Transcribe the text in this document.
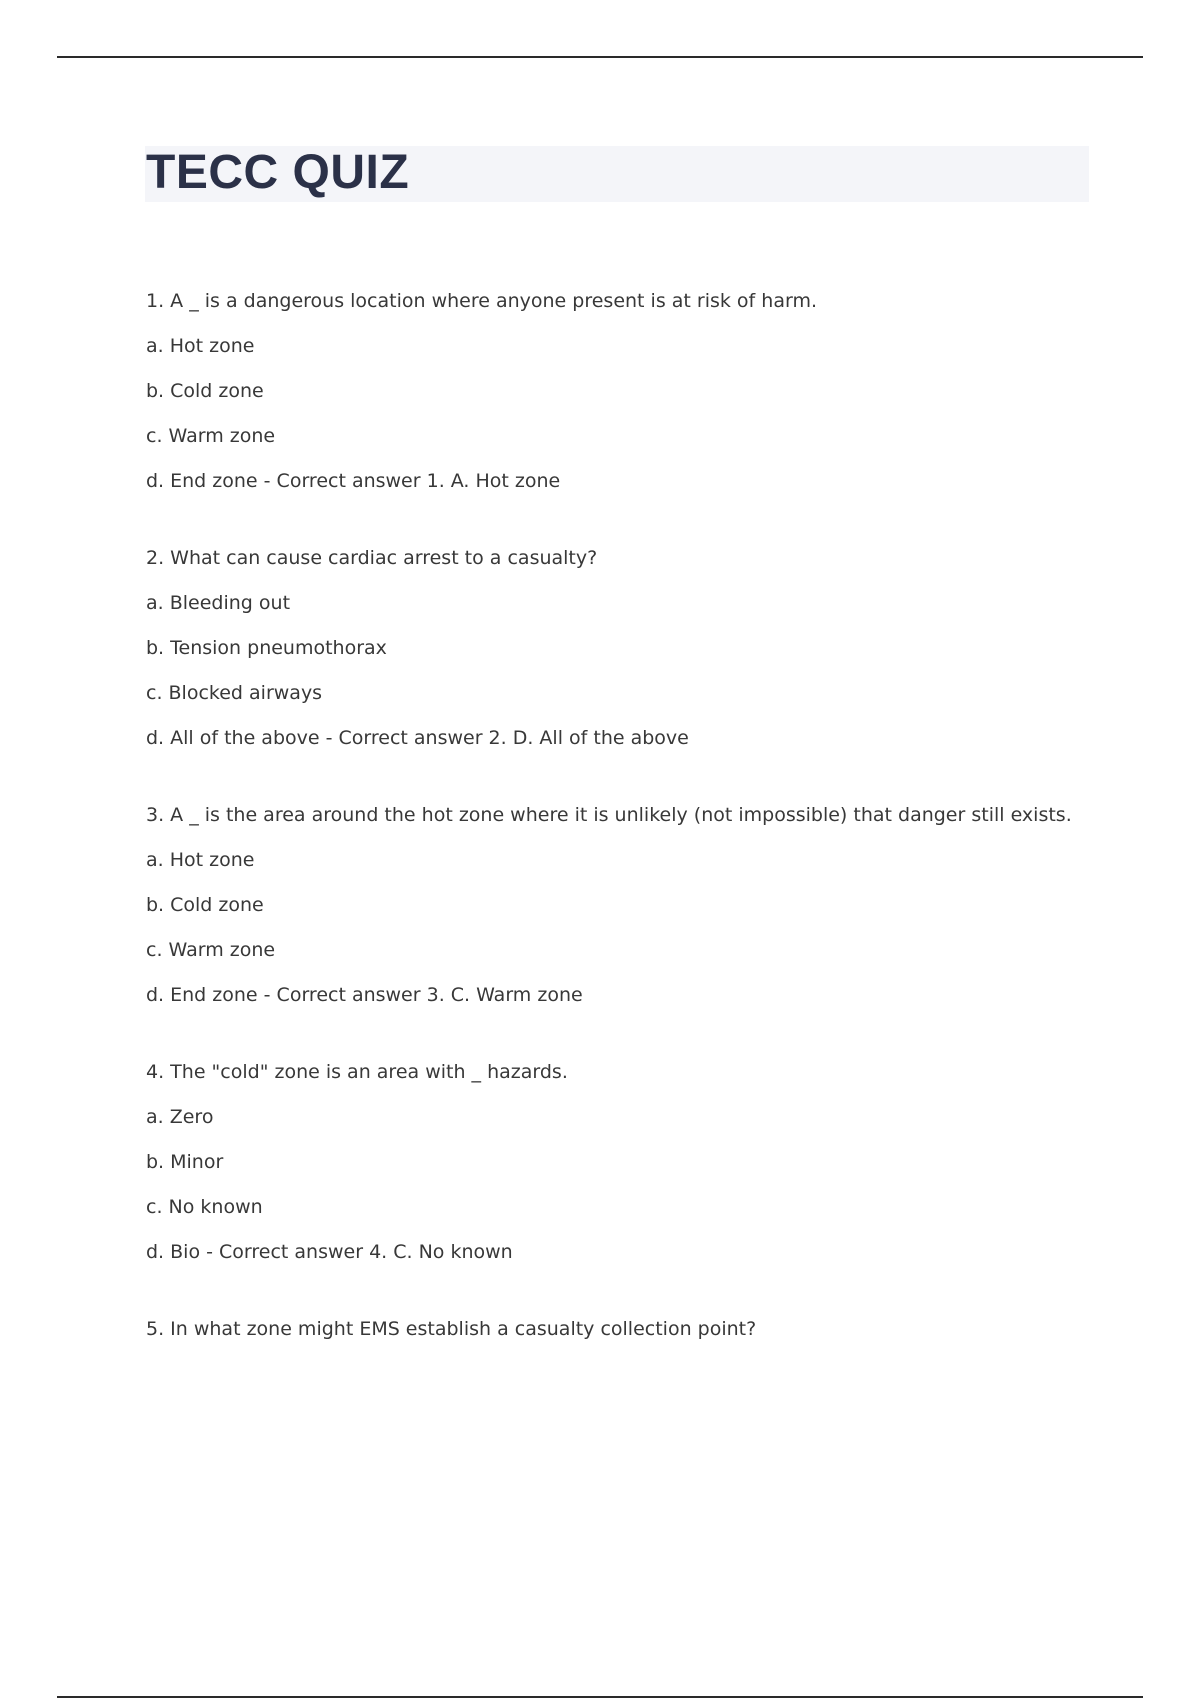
TECC QUIZ

1. A _ is a dangerous location where anyone present is at risk of harm.

a. Hot zone

b. Cold zone

c. Warm zone

d. End zone - Correct answer 1. A. Hot zone

2. What can cause cardiac arrest to a casualty?

a. Bleeding out

b. Tension pneumothorax

c. Blocked airways

d. All of the above - Correct answer 2. D. All of the above

3. A _ is the area around the hot zone where it is unlikely (not impossible) that danger still exists.

a. Hot zone

b. Cold zone

c. Warm zone

d. End zone - Correct answer 3. C. Warm zone

4. The "cold" zone is an area with _ hazards.

a. Zero

b. Minor

c. No known

d. Bio - Correct answer 4. C. No known

5. In what zone might EMS establish a casualty collection point?
